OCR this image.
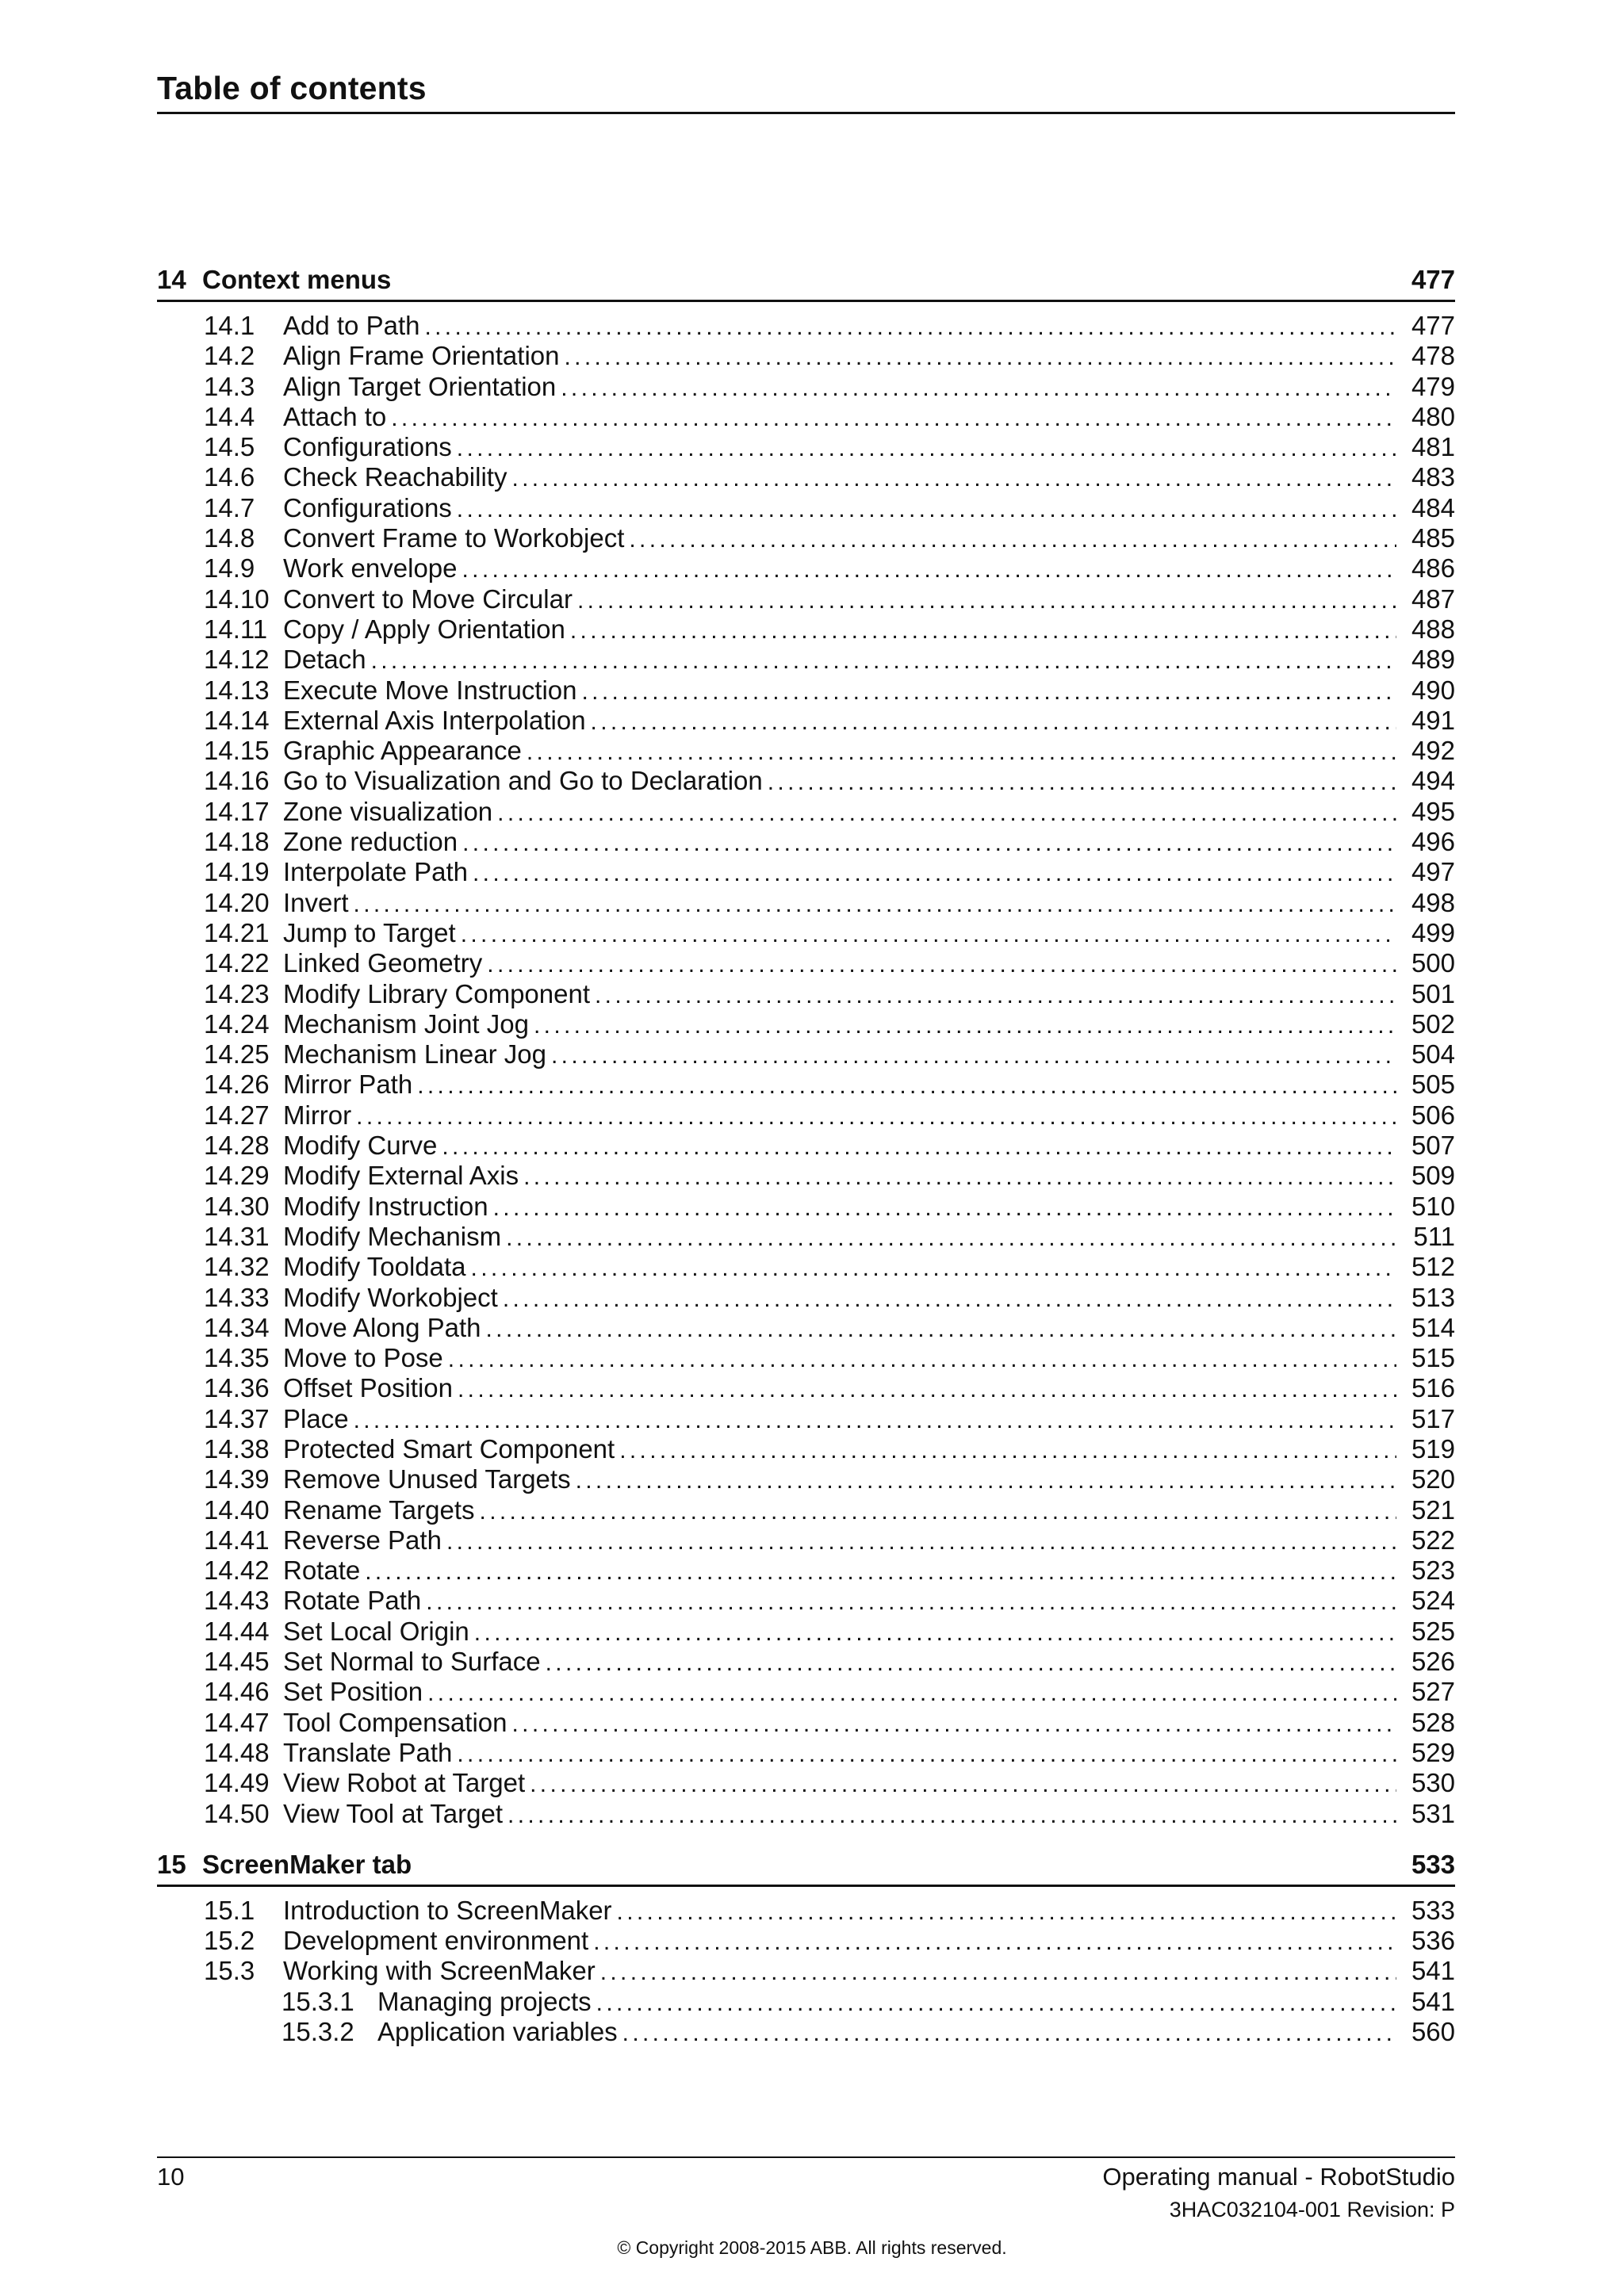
Table of contents
14 Context menus	477
14.1	Add to Path . . .	477
14.2	Align Frame Orientation . . .	478
14.3	Align Target Orientation . . .	479
14.4	Attach to . . .	480
14.5	Configurations . . .	481
14.6	Check Reachability . . .	483
14.7	Configurations . . .	484
14.8	Convert Frame to Workobject . . .	485
14.9	Work envelope . . .	486
14.10 Convert to Move Circular . . .	487
14.11 Copy / Apply Orientation . . .	488
14.12 Detach . . .	489
14.13 Execute Move Instruction . . .	490
14.14 External Axis Interpolation . . .	491
14.15 Graphic Appearance . . .	492
14.16 Go to Visualization and Go to Declaration . . .	494
14.17 Zone visualization . . .	495
14.18 Zone reduction . . .	496
14.19 Interpolate Path . . .	497
14.20 Invert . . .	498
14.21 Jump to Target . . .	499
14.22 Linked Geometry . . .	500
14.23 Modify Library Component . . .	501
14.24 Mechanism Joint Jog . . .	502
14.25 Mechanism Linear Jog . . .	504
14.26 Mirror Path . . .	505
14.27 Mirror . . .	506
14.28 Modify Curve . . .	507
14.29 Modify External Axis . . .	509
14.30 Modify Instruction . . .	510
14.31 Modify Mechanism . . .	511
14.32 Modify Tooldata . . .	512
14.33 Modify Workobject . . .	513
14.34 Move Along Path . . .	514
14.35 Move to Pose . . .	515
14.36 Offset Position . . .	516
14.37 Place . . .	517
14.38 Protected Smart Component . . .	519
14.39 Remove Unused Targets . . .	520
14.40 Rename Targets . . .	521
14.41 Reverse Path . . .	522
14.42 Rotate . . .	523
14.43 Rotate Path . . .	524
14.44 Set Local Origin . . .	525
14.45 Set Normal to Surface . . .	526
14.46 Set Position . . .	527
14.47 Tool Compensation . . .	528
14.48 Translate Path . . .	529
14.49 View Robot at Target . . .	530
14.50 View Tool at Target . . .	531
15 ScreenMaker tab	533
15.1	Introduction to ScreenMaker . . .	533
15.2	Development environment . . .	536
15.3	Working with ScreenMaker . . .	541
15.3.1 Managing projects . . .	541
15.3.2 Application variables . . .	560
10	Operating manual - RobotStudio
3HAC032104-001 Revision: P
© Copyright 2008-2015 ABB. All rights reserved.
